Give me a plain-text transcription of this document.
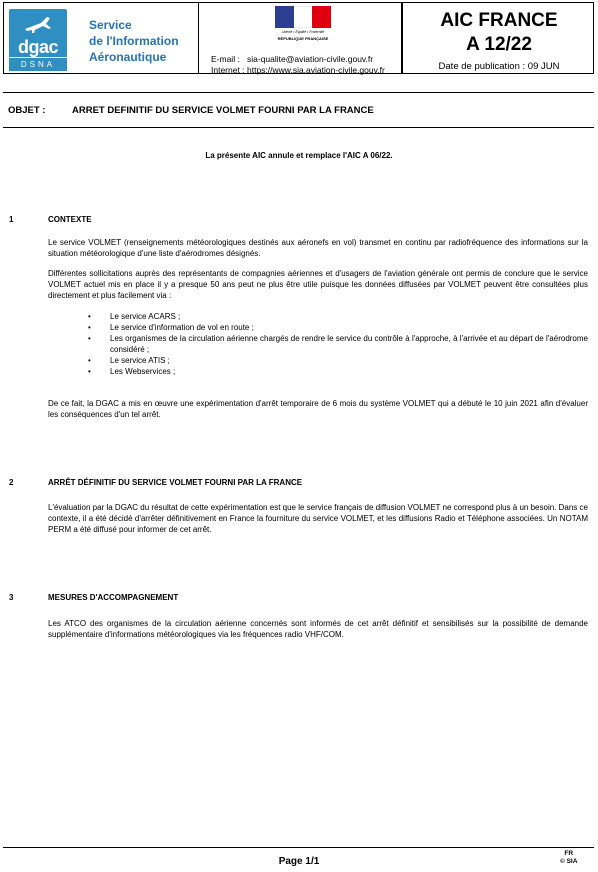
dgac
DSNA
Service
de l'Information
Aéronautique
Liberté • Égalité • Fraternité
RÉPUBLIQUE FRANÇAISE
E-mail : sia-qualite@aviation-civile.gouv.fr
Internet : https://www.sia.aviation-civile.gouv.fr
AIC FRANCE
A 12/22
Date de publication : 09 JUN
OBJET :	ARRET DEFINITIF DU SERVICE VOLMET FOURNI PAR LA FRANCE
La présente AIC annule et remplace l'AIC A 06/22.
1	CONTEXTE
Le service VOLMET (renseignements météorologiques destinés aux aéronefs en vol) transmet en continu par radiofréquence des informations sur la situation météorologique d'une liste d'aérodromes désignés.
Différentes sollicitations auprès des représentants de compagnies aériennes et d'usagers de l'aviation générale ont permis de conclure que le service VOLMET actuel mis en place il y a presque 50 ans peut ne plus être utile puisque les données diffusées par VOLMET peuvent être consultées plus directement et plus facilement via :
• Le service ACARS ;
• Le service d'information de vol en route ;
• Les organismes de la circulation aérienne chargés de rendre le service du contrôle à l'approche, à l'arrivée et au départ de l'aérodrome considéré ;
• Le service ATIS ;
• Les Webservices ;
De ce fait, la DGAC a mis en œuvre une expérimentation d'arrêt temporaire de 6 mois du système VOLMET qui a débuté le 10 juin 2021 afin d'évaluer les conséquences d'un tel arrêt.
2	ARRÊT DÉFINITIF DU SERVICE VOLMET FOURNI PAR LA FRANCE
L'évaluation par la DGAC du résultat de cette expérimentation est que le service français de diffusion VOLMET ne correspond plus à un besoin. Dans ce contexte, il a été décidé d'arrêter définitivement en France la fourniture du service VOLMET, et les diffusions Radio et Téléphone associées. Un NOTAM PERM a été diffusé pour informer de cet arrêt.
3	MESURES D'ACCOMPAGNEMENT
Les ATCO des organismes de la circulation aérienne concernés sont informés de cet arrêt définitif et sensibilisés sur la possibilité de demande supplémentaire d'informations météorologiques via les fréquences radio VHF/COM.
Page 1/1
FR
© SIA
